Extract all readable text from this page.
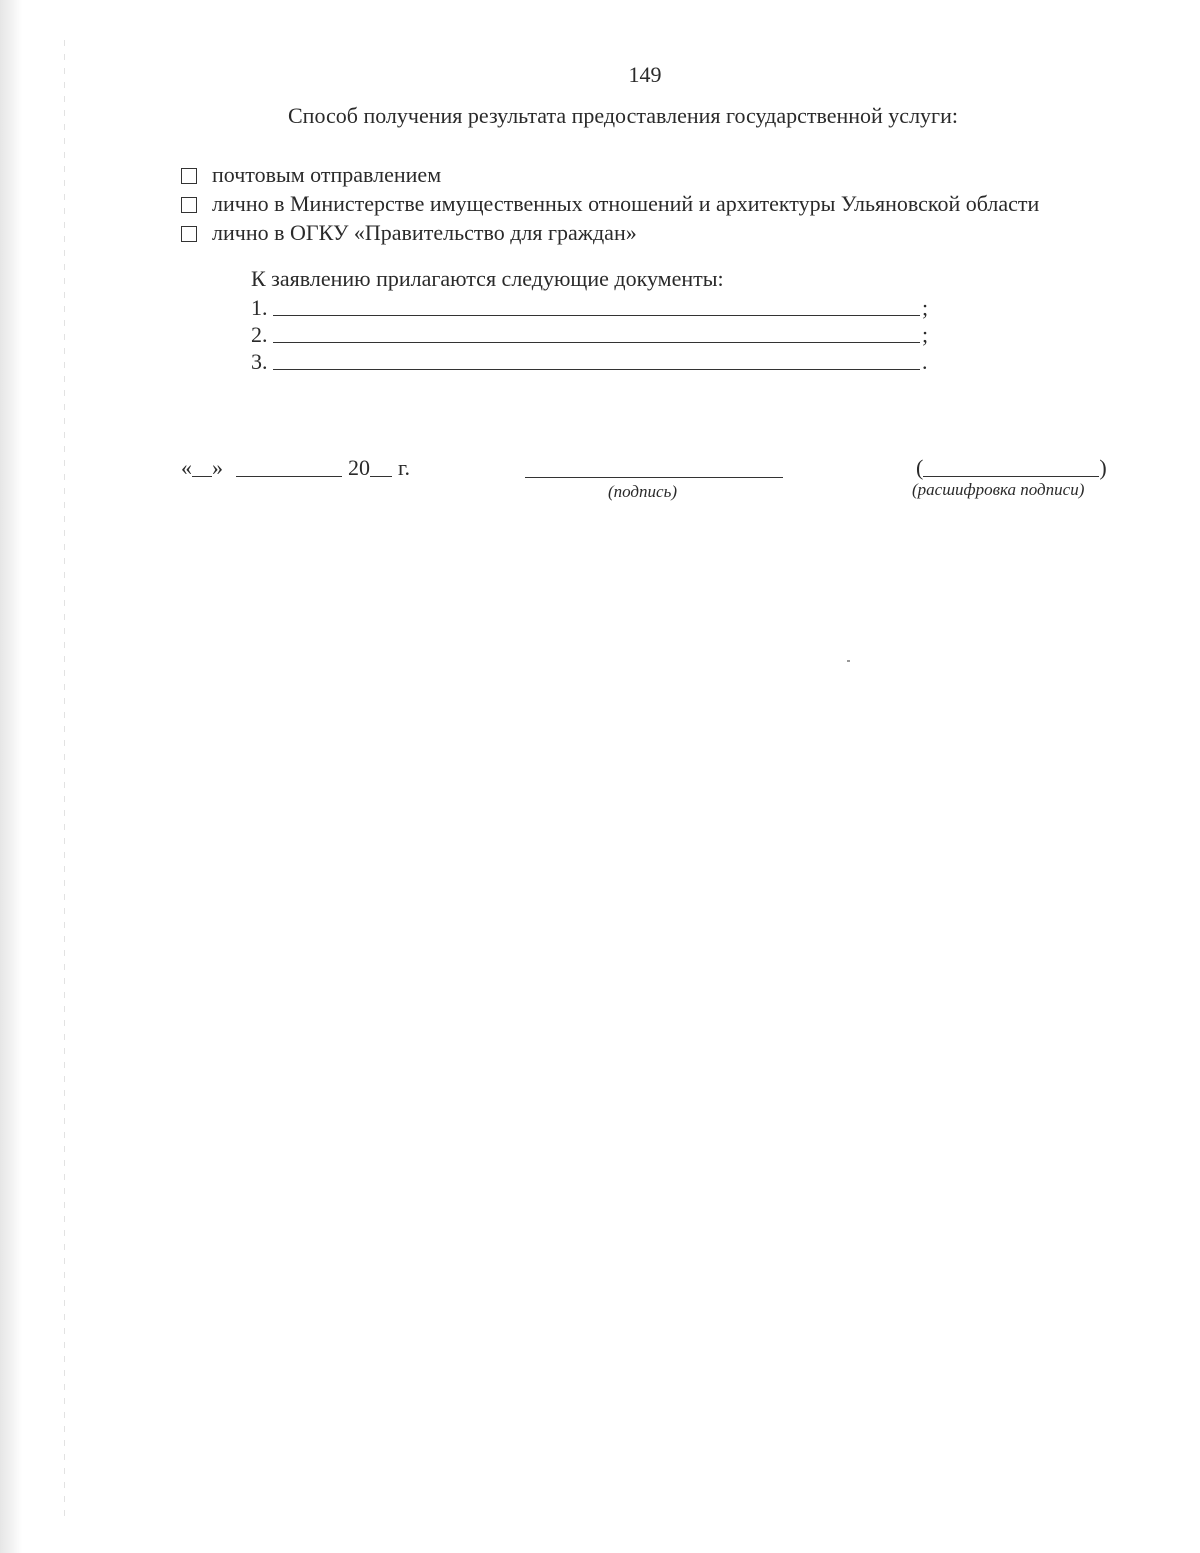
149
Способ получения результата предоставления государственной услуги:
почтовым отправлением
лично в Министерстве имущественных отношений и архитектуры Ульяновской области
лично в ОГКУ «Правительство для граждан»
К заявлению прилагаются следующие документы:
1.	;
2.	;
3.	.
« »	20 г.
(подпись)
(	)
(расшифровка подписи)
